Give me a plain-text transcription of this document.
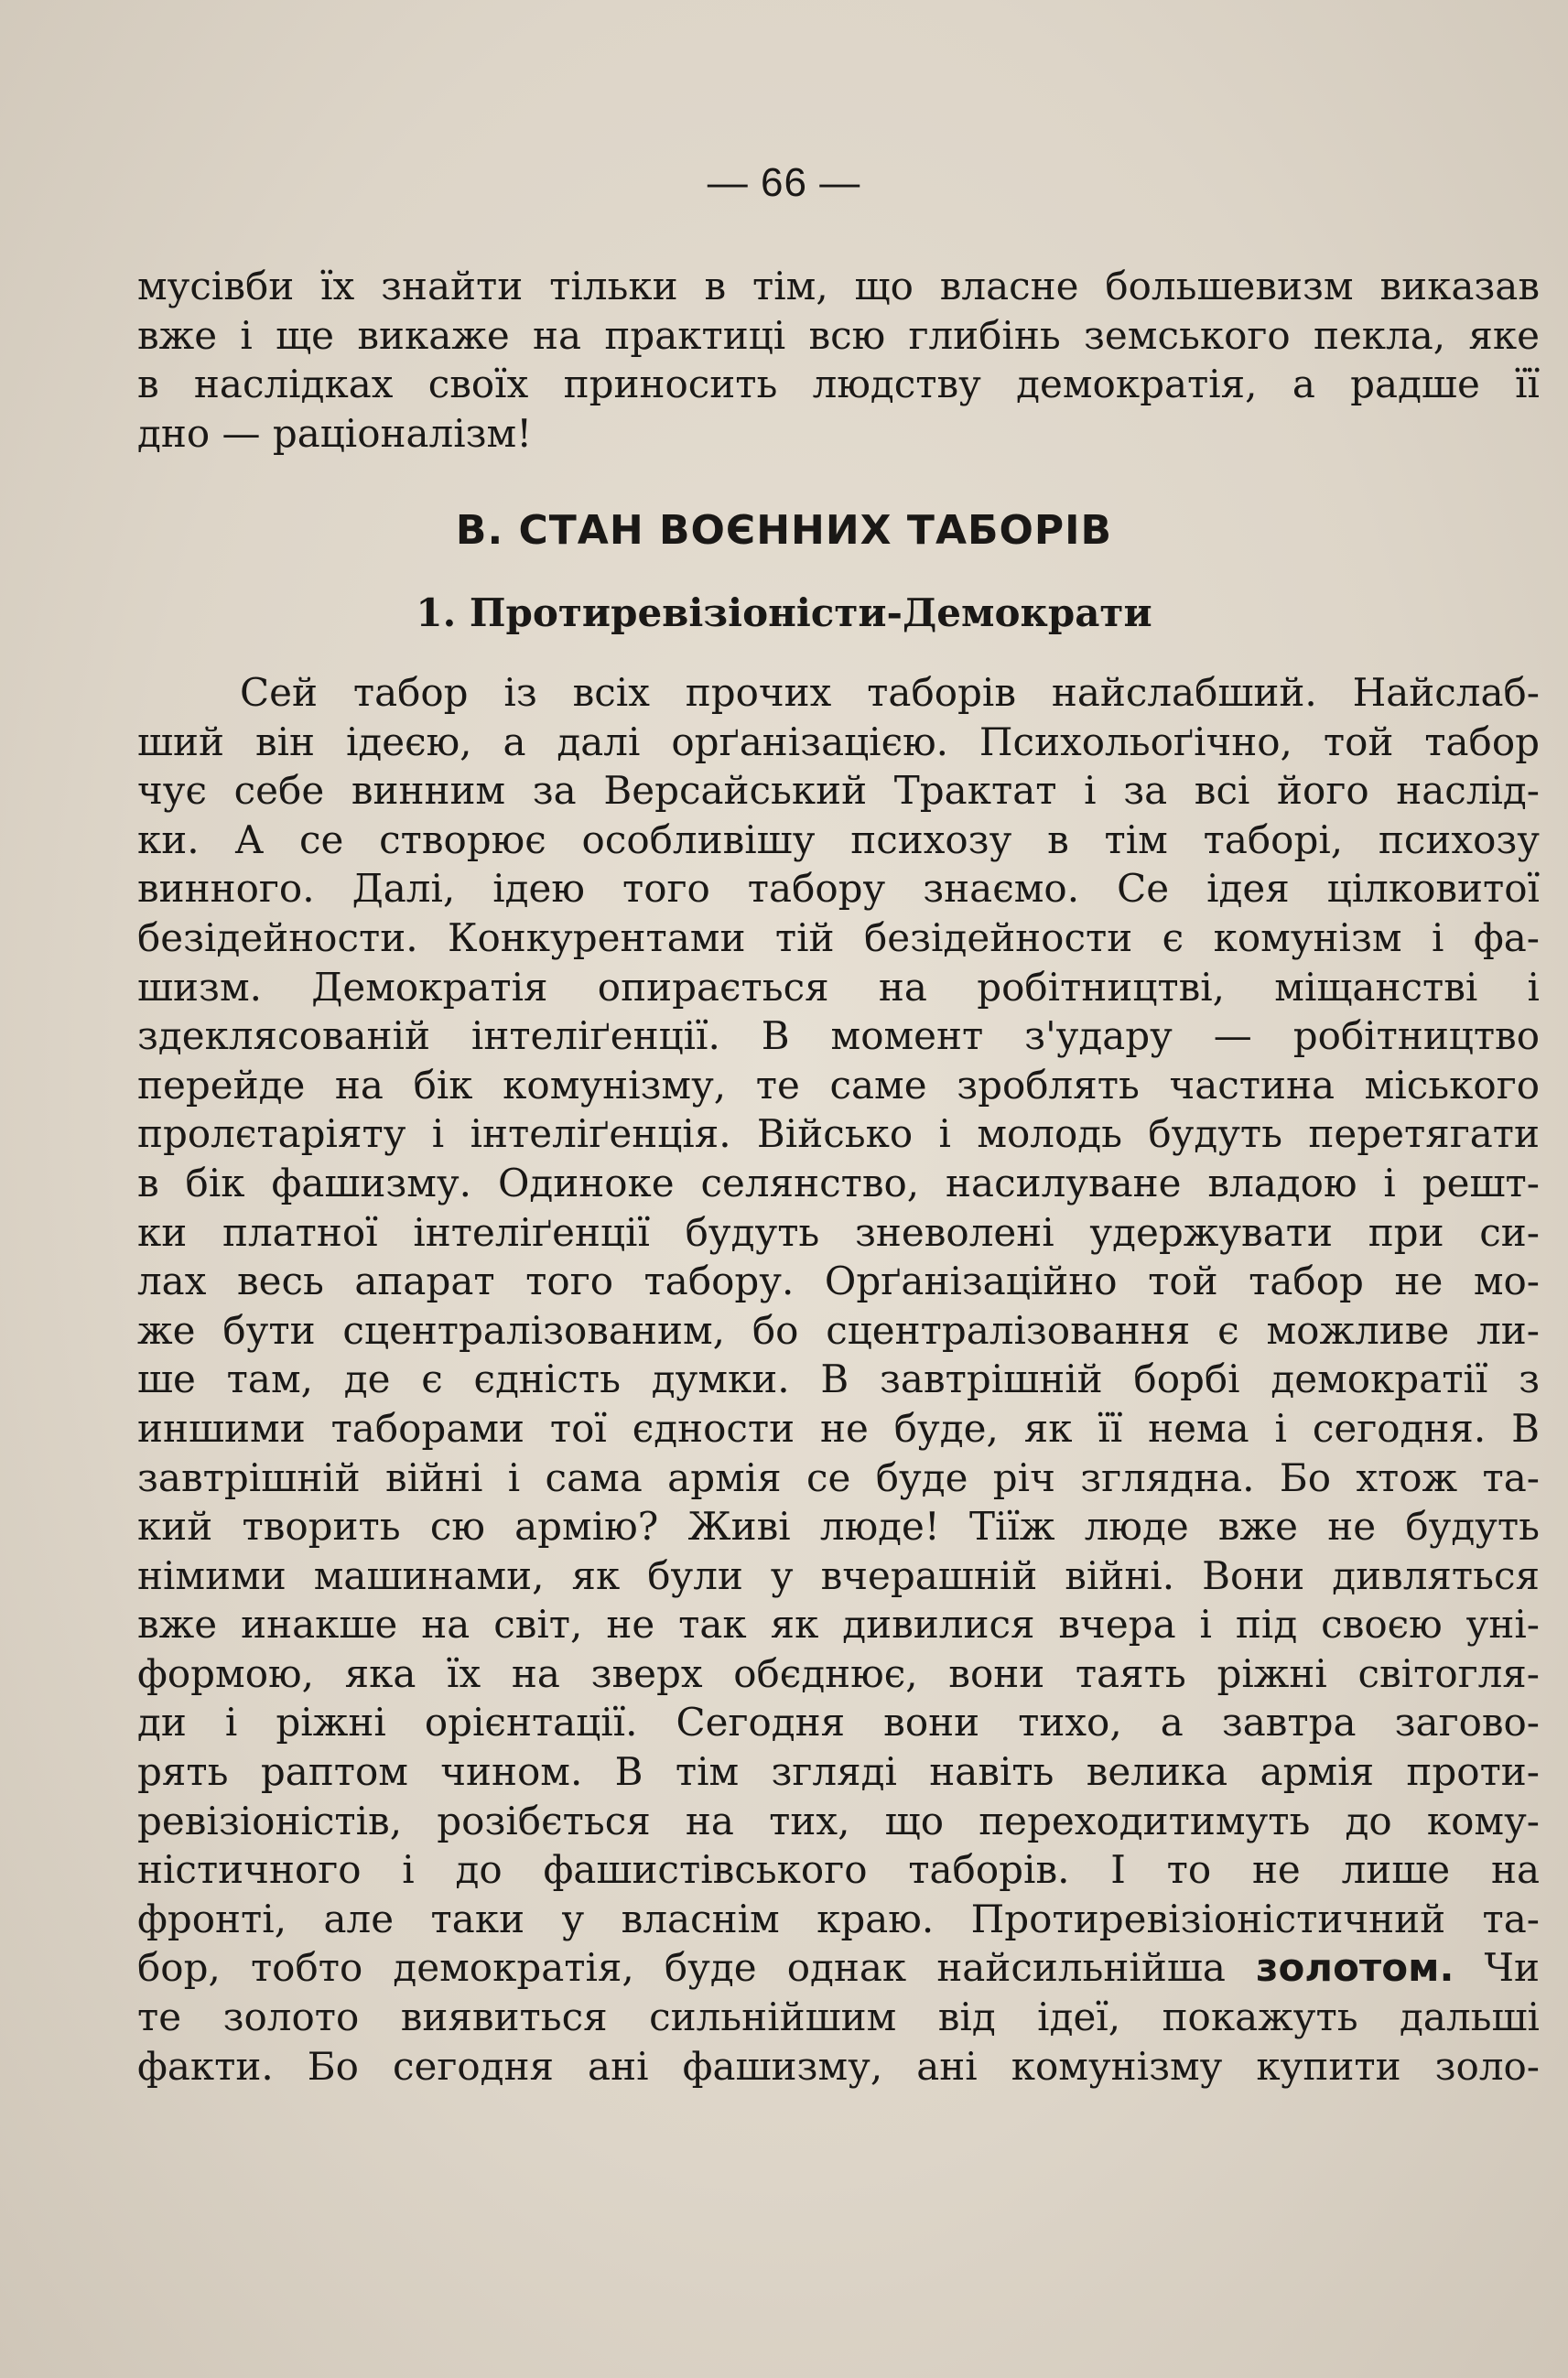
— 66 —
мусівби їх знайти тільки в тім, що власне большевизм виказав
вже і ще викаже на практиці всю глибінь земського пекла, яке
в наслідках своїх приносить людству демократія, а радше її
дно — раціоналізм!
В. СТАН ВОЄННИХ ТАБОРІВ
1. Протиревізіоністи-Демократи
Сей табор із всіх прочих таборів найслабший. Найслаб-
ший він ідеєю, а далі орґанізацією. Психольоґічно, той табор
чує себе винним за Версайський Трактат і за всі його наслід-
ки. А се створює особливішу психозу в тім таборі, психозу
винного. Далі, ідею того табору знаємо. Се ідея цілковитої
безідейности. Конкурентами тій безідейности є комунізм і фа-
шизм. Демократія опирається на робітництві, міщанстві і
здеклясованій інтеліґенції. В момент з'удару — робітництво
перейде на бік комунізму, те саме зроблять частина міського
пролєтаріяту і інтеліґенція. Військо і молодь будуть перетягати
в бік фашизму. Одиноке селянство, насилуване владою і решт-
ки платної інтеліґенції будуть зневолені удержувати при си-
лах весь апарат того табору. Орґанізаційно той табор не мо-
же бути сцентралізованим, бо сцентралізовання є можливе ли-
ше там, де є єдність думки. В завтрішній борбі демократії з
иншими таборами тої єдности не буде, як її нема і сегодня. В
завтрішній війні і сама армія се буде річ зглядна. Бо хтож та-
кий творить сю армію? Живі люде! Тіїж люде вже не будуть
німими машинами, як були у вчерашній війні. Вони дивляться
вже инакше на світ, не так як дивилися вчера і під своєю уні-
формою, яка їх на зверх обєднює, вони таять ріжні світогля-
ди і ріжні орієнтації. Сегодня вони тихо, а завтра загово-
рять раптом чином. В тім згляді навіть велика армія проти-
ревізіоністів, розібється на тих, що переходитимуть до кому-
ністичного і до фашистівського таборів. І то не лише на
фронті, але таки у власнім краю. Протиревізіоністичний та-
бор, тобто демократія, буде однак найсильнійша золотом. Чи
те золото виявиться сильнійшим від ідеї, покажуть дальші
факти. Бо сегодня ані фашизму, ані комунізму купити золо-
